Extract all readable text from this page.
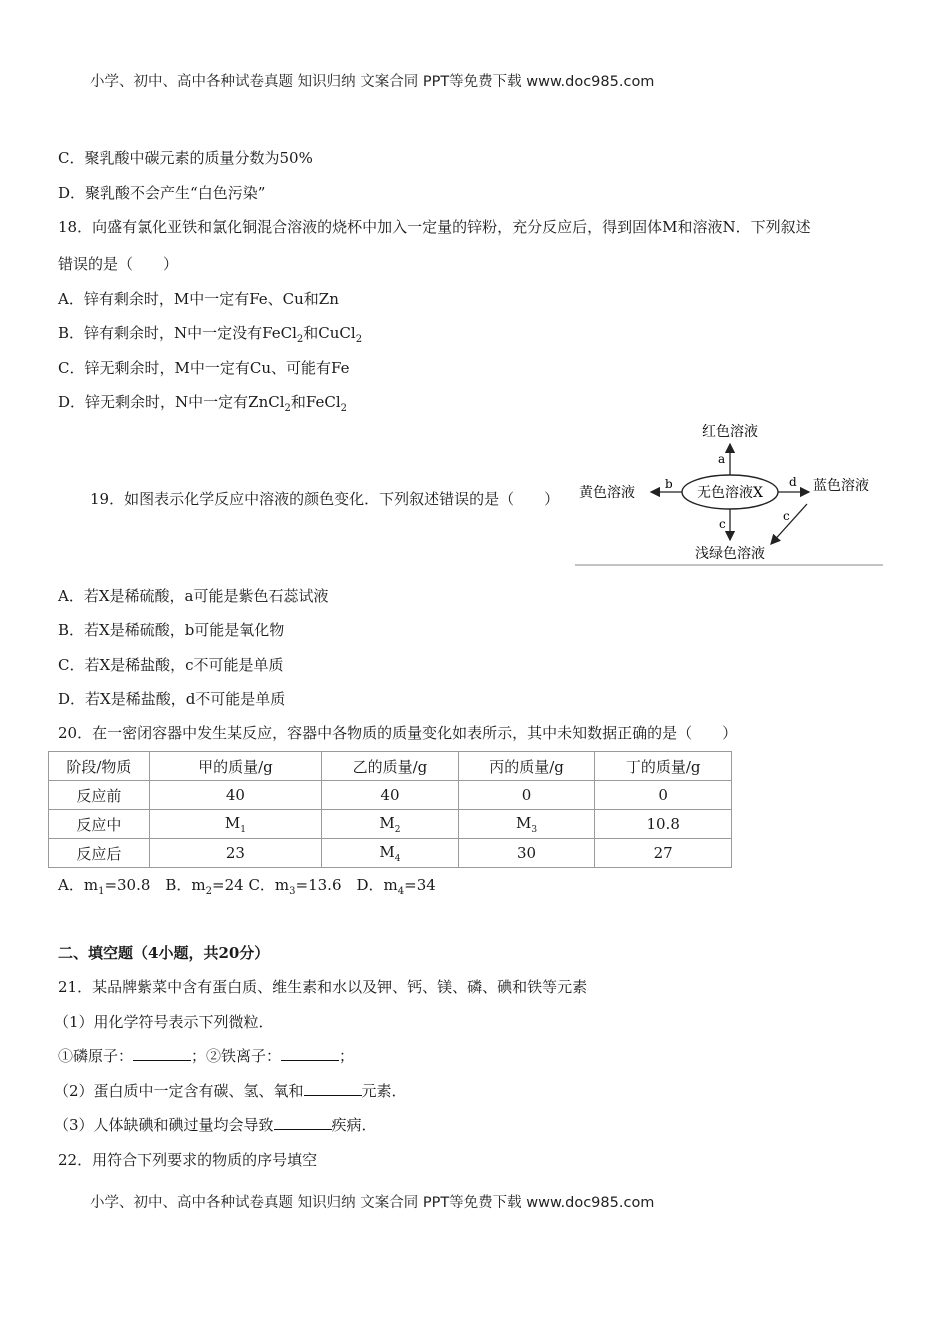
小学、初中、高中各种试卷真题 知识归纳 文案合同 PPT等免费下载 www.doc985.com
C．聚乳酸中碳元素的质量分数为50%
D．聚乳酸不会产生“白色污染”
18．向盛有氯化亚铁和氯化铜混合溶液的烧杯中加入一定量的锌粉，充分反应后，得到固体M和溶液N．下列叙述
错误的是（　　）
A．锌有剩余时，M中一定有Fe、Cu和Zn
B．锌有剩余时，N中一定没有FeCl$_2$和CuCl$_2$
C．锌无剩余时，M中一定有Cu、可能有Fe
D．锌无剩余时，N中一定有ZnCl$_2$和FeCl$_2$
19．如图表示化学反应中溶液的颜色变化．下列叙述错误的是（　　）	无色溶液X
a
红色溶液
b
黄色溶液
d 蓝色溶液
c
c
浅绿色溶液
A．若X是稀硫酸，a可能是紫色石蕊试液
B．若X是稀硫酸，b可能是氧化物
C．若X是稀盐酸，c不可能是单质
D．若X是稀盐酸，d不可能是单质
20．在一密闭容器中发生某反应，容器中各物质的质量变化如表所示，其中未知数据正确的是（　　）
阶段/物质	甲的质量/g	乙的质量/g	丙的质量/g	丁的质量/g
反应前	40	40	0	0
反应中	$M_1$	$M_2$	$M_3$	10.8
反应后	23	$M_4$	30	27
A．$m_1=30.8$　B．$m_2=24$ C．$m_3=13.6$　D．$m_4=34$
二、填空题（4小题，共20分）
21．某品牌紫菜中含有蛋白质、维生素和水以及钾、钙、镁、磷、碘和铁等元素
（1）用化学符号表示下列微粒．
①磷原子：	；②铁离子：	；
（2）蛋白质中一定含有碳、氢、氧和	元素．
（3）人体缺碘和碘过量均会导致	疾病．
22．用符合下列要求的物质的序号填空
小学、初中、高中各种试卷真题 知识归纳 文案合同 PPT等免费下载 www.doc985.com
